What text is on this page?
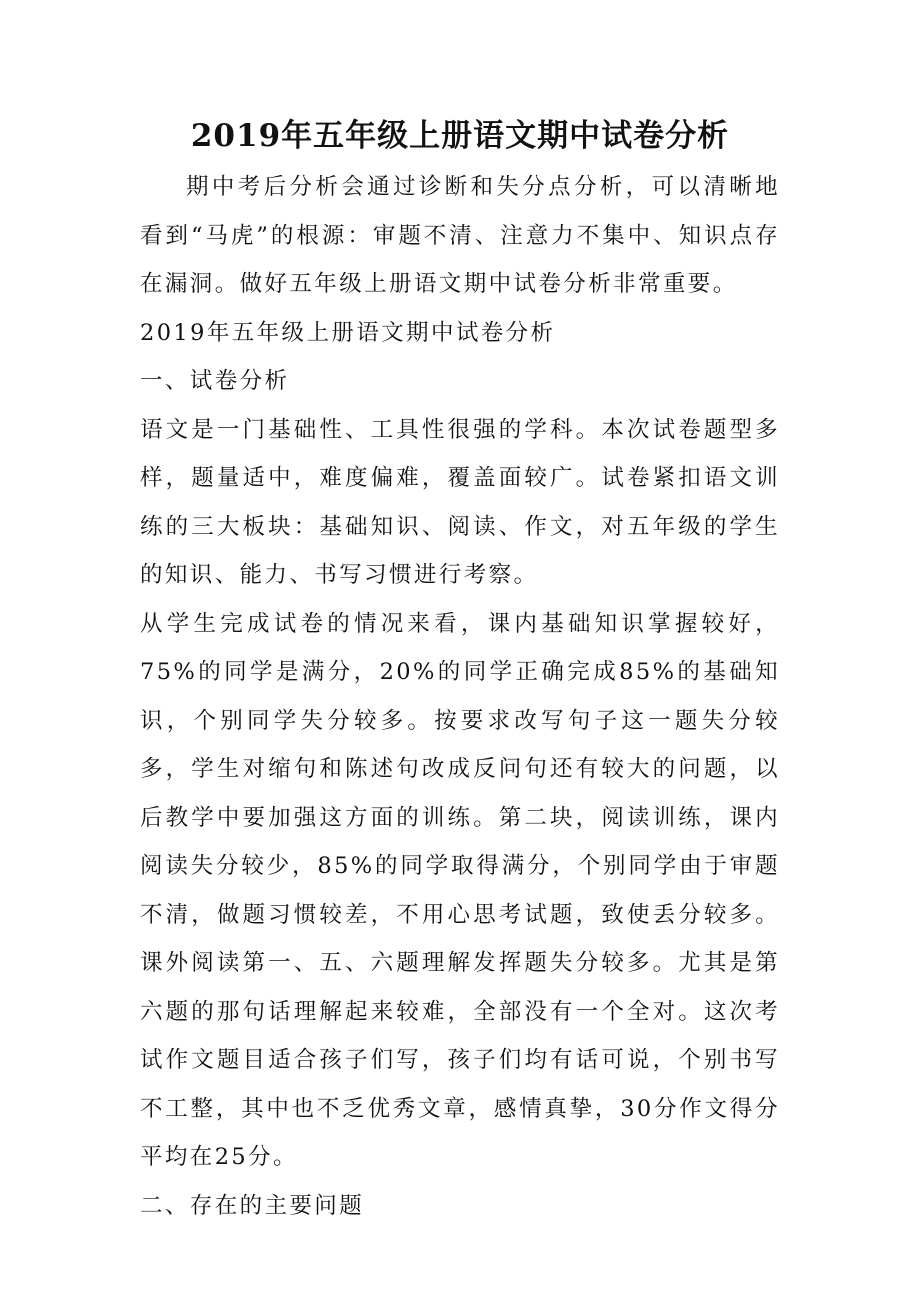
2019年五年级上册语文期中试卷分析

期中考后分析会通过诊断和失分点分析，可以清晰地看到“马虎”的根源：审题不清、注意力不集中、知识点存在漏洞。做好五年级上册语文期中试卷分析非常重要。

2019年五年级上册语文期中试卷分析

一、试卷分析

语文是一门基础性、工具性很强的学科。本次试卷题型多样，题量适中，难度偏难，覆盖面较广。试卷紧扣语文训练的三大板块：基础知识、阅读、作文，对五年级的学生的知识、能力、书写习惯进行考察。

从学生完成试卷的情况来看，课内基础知识掌握较好，75%的同学是满分，20%的同学正确完成85%的基础知识，个别同学失分较多。按要求改写句子这一题失分较多，学生对缩句和陈述句改成反问句还有较大的问题，以后教学中要加强这方面的训练。第二块，阅读训练，课内阅读失分较少，85%的同学取得满分，个别同学由于审题不清，做题习惯较差，不用心思考试题，致使丢分较多。课外阅读第一、五、六题理解发挥题失分较多。尤其是第六题的那句话理解起来较难，全部没有一个全对。这次考试作文题目适合孩子们写，孩子们均有话可说，个别书写不工整，其中也不乏优秀文章，感情真挚，30分作文得分平均在25分。

二、存在的主要问题
